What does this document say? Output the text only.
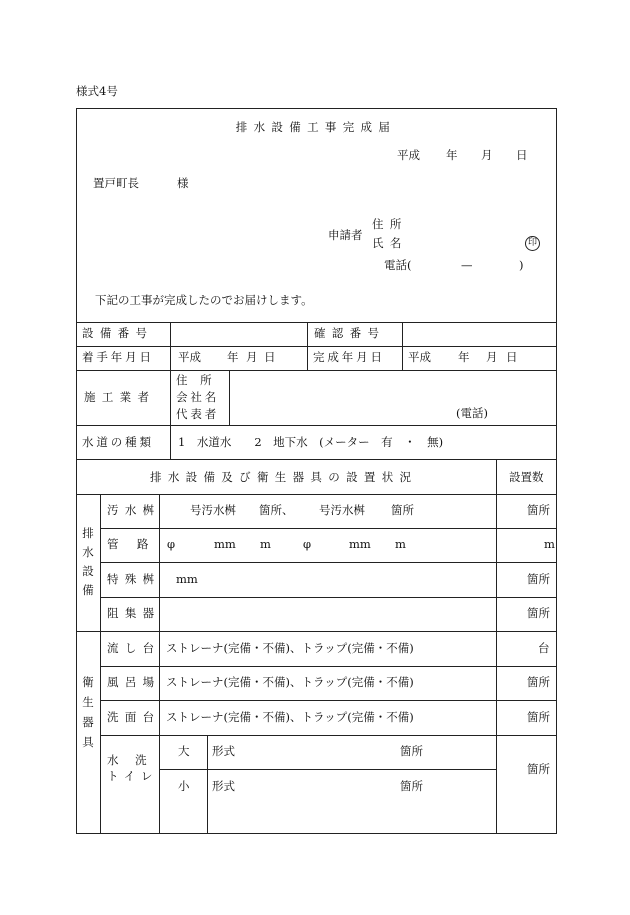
様式4号
排水設備工事完成届
平成 年 月 日
置戸町長	様
申請者
住所
氏名	印
電話(	—	)
下記の工事が完成したのでお届けします。
設備番号	確認番号
着手年月日 平成 年 月 日	完成年月日 平成 年 月 日
施工業者
住所
会社名
代表者	(電話)
水道の種類 1　水道水　　2　地下水　(メーター　有　・　無)
排水設備及び衛生器具の設置状況	設置数
排水設備
汚水桝	号汚水桝 箇所、 号汚水桝 箇所	箇所
管路 φ	mm m	φ	mm m	m
特殊桝 mm	箇所
阻集器	箇所
衛生器具
流し台 ストレーナ(完備・不備)、トラップ(完備・不備)	台
風呂場 ストレーナ(完備・不備)、トラップ(完備・不備)	箇所
洗面台 ストレーナ(完備・不備)、トラップ(完備・不備)	箇所
水洗
トイレ
大 形式	箇所
小 形式	箇所
箇所
